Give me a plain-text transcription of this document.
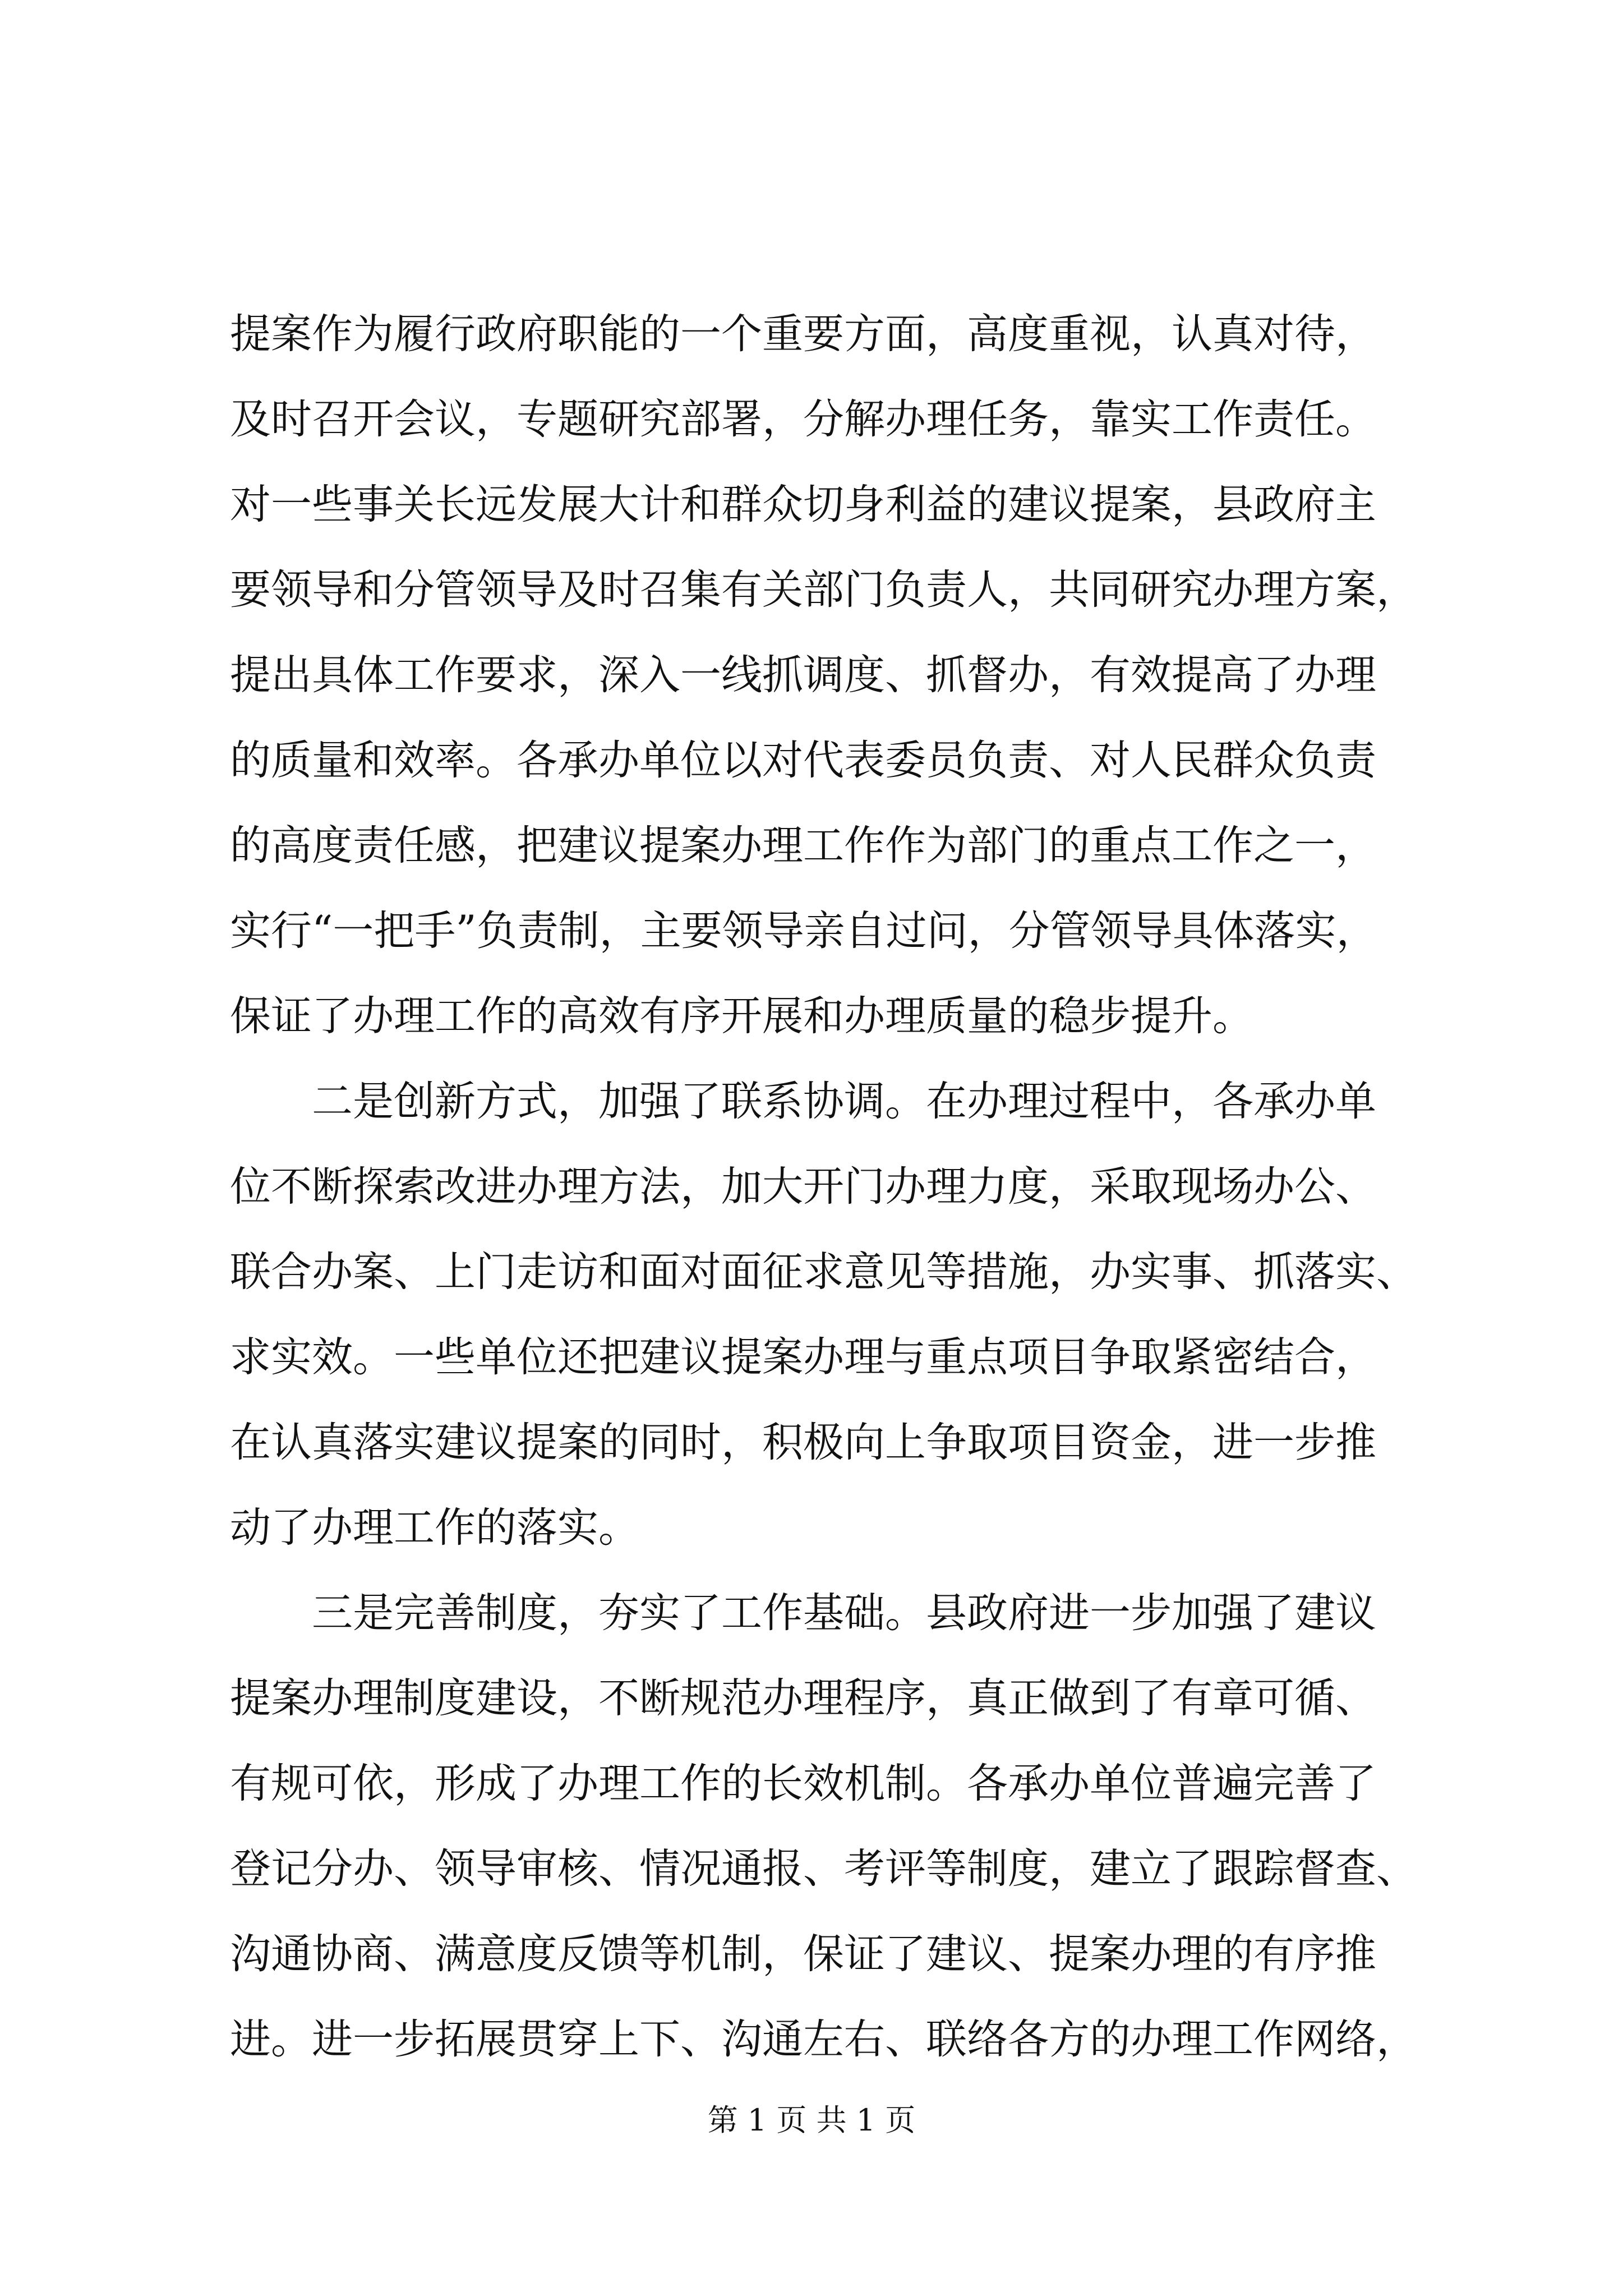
提案作为履行政府职能的一个重要方面，高度重视，认真对待，
及时召开会议，专题研究部署，分解办理任务，靠实工作责任。
对一些事关长远发展大计和群众切身利益的建议提案，县政府主
要领导和分管领导及时召集有关部门负责人，共同研究办理方案，
提出具体工作要求，深入一线抓调度、抓督办，有效提高了办理
的质量和效率。各承办单位以对代表委员负责、对人民群众负责
的高度责任感，把建议提案办理工作作为部门的重点工作之一，
实行“一把手”负责制，主要领导亲自过问，分管领导具体落实，
保证了办理工作的高效有序开展和办理质量的稳步提升。
二是创新方式，加强了联系协调。在办理过程中，各承办单
位不断探索改进办理方法，加大开门办理力度，采取现场办公、
联合办案、上门走访和面对面征求意见等措施，办实事、抓落实、
求实效。一些单位还把建议提案办理与重点项目争取紧密结合，
在认真落实建议提案的同时，积极向上争取项目资金，进一步推
动了办理工作的落实。
三是完善制度，夯实了工作基础。县政府进一步加强了建议
提案办理制度建设，不断规范办理程序，真正做到了有章可循、
有规可依，形成了办理工作的长效机制。各承办单位普遍完善了
登记分办、领导审核、情况通报、考评等制度，建立了跟踪督查、
沟通协商、满意度反馈等机制，保证了建议、提案办理的有序推
进。进一步拓展贯穿上下、沟通左右、联络各方的办理工作网络，
第 1 页 共 1 页
